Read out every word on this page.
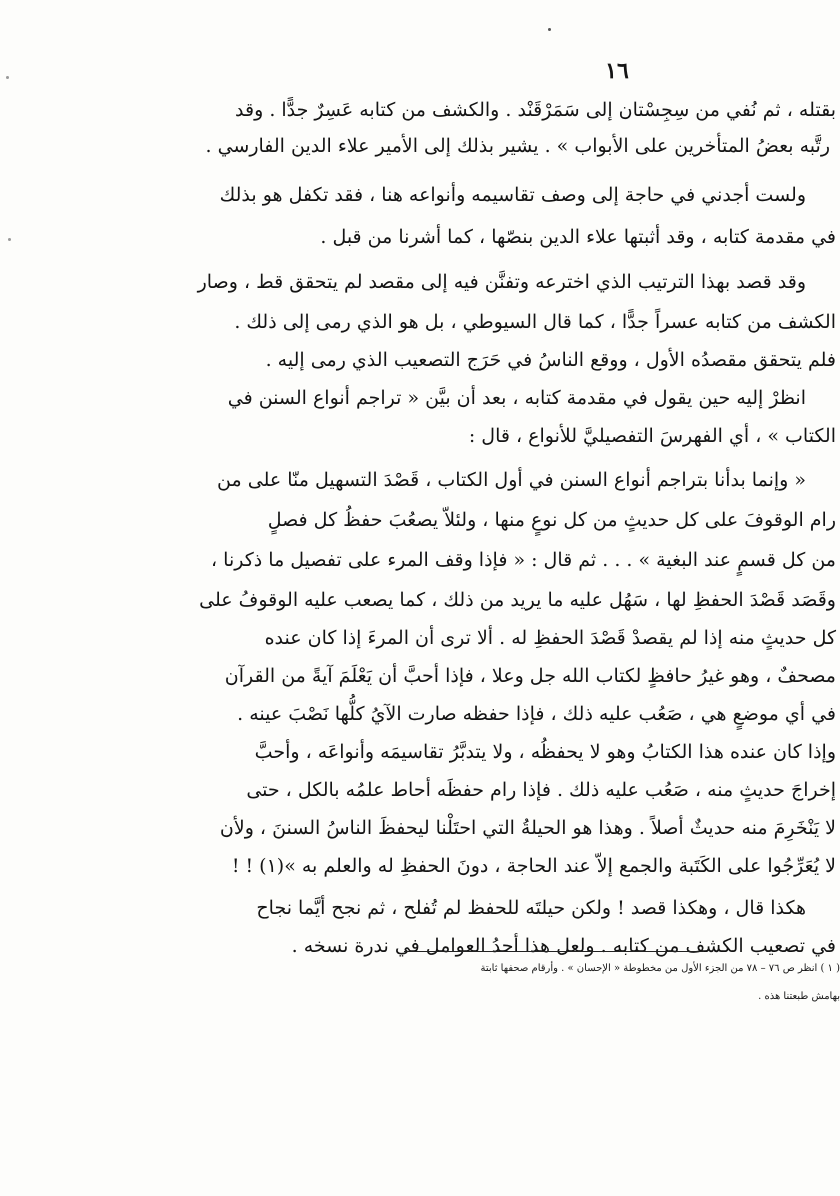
١٦
بقتله ، ثم نُفي من سِجِسْتان إلى سَمَرْقَنْد . والكشف من كتابه عَسِرٌ جدًّا . وقد
رتَّبه بعضُ المتأخرين على الأبواب » . يشير بذلك إلى الأمير علاء الدين الفارسي .
ولست أجدني في حاجة إلى وصف تقاسيمه وأنواعه هنا ، فقد تكفل هو بذلك
في مقدمة كتابه ، وقد أثبتها علاء الدين بنصّها ، كما أشرنا من قبل .
وقد قصد بهذا الترتيب الذي اخترعه وتفنَّن فيه إلى مقصد لم يتحقق قط ، وصار
الكشف من كتابه عسراً جدًّا ، كما قال السيوطي ، بل هو الذي رمى إلى ذلك .
فلم يتحقق مقصدُه الأول ، ووقع الناسُ في حَرَج التصعيب الذي رمى إليه .
انظرْ إليه حين يقول في مقدمة كتابه ، بعد أن بيَّن « تراجم أنواع السنن في
الكتاب » ، أي الفهرسَ التفصيليَّ للأنواع ، قال :
« وإنما بدأنا بتراجم أنواع السنن في أول الكتاب ، قَصْدَ التسهيل منّا على من
رام الوقوفَ على كل حديثٍ من كل نوعٍ منها ، ولئلاّ يصعُبَ حفظُ كل فصلٍ
من كل قسمٍ عند البغية » . . . ثم قال : « فإذا وقف المرء على تفصيل ما ذكرنا ،
وقَصَد قَصْدَ الحفظِ لها ، سَهُل عليه ما يريد من ذلك ، كما يصعب عليه الوقوفُ على
كل حديثٍ منه إذا لم يقصدْ قَصْدَ الحفظِ له . ألا ترى أن المرءَ إذا كان عنده
مصحفٌ ، وهو غيرُ حافظٍ لكتاب الله جل وعلا ، فإذا أحبَّ أن يَعْلَمَ آيةً من القرآن
في أي موضعٍ هي ، صَعُب عليه ذلك ، فإذا حفظه صارت الآيُ كلُّها نَصْبَ عينه .
وإذا كان عنده هذا الكتابُ وهو لا يحفظُه ، ولا يتدبَّرُ تقاسيمَه وأنواعَه ، وأحبَّ
إخراجَ حديثٍ منه ، صَعُب عليه ذلك . فإذا رام حفظَه أحاط علمُه بالكل ، حتى
لا يَنْخَرِمَ منه حديثٌ أصلاً . وهذا هو الحيلةُ التي احتَلْنا ليحفظَ الناسُ السننَ ، ولأن
لا يُعَرِّجُوا على الكَتَبة والجمع إلاّ عند الحاجة ، دونَ الحفظِ له والعلم به »(١) ! !
هكذا قال ، وهكذا قصد ! ولكن حيلتَه للحفظ لم تُفلح ، ثم نجح أيَّما نجاح
في تصعيب الكشف من كتابه . ولعل هذا أحدُ العوامل في ندرة نسخه .
( ١ ) انظر ص ٧٦ – ٧٨ من الجزء الأول من مخطوطة « الإحسان » . وأرقام صحفها ثابتة
بهامش طبعتنا هذه .
